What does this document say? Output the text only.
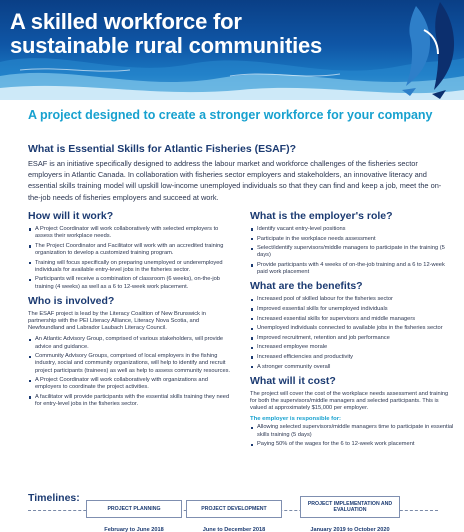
A skilled workforce for sustainable rural communities
A project designed to create a stronger workforce for your company
What is Essential Skills for Atlantic Fisheries (ESAF)?
ESAF is an initiative specifically designed to address the labour market and workforce challenges of the fisheries sector employers in Atlantic Canada. In collaboration with fisheries sector employers and stakeholders, an innovative literacy and essential skills training model will upskill low-income unemployed individuals so that they can find and keep a job, meet the on-the-job needs of fisheries employers and succeed at work.
How will it work?
A Project Coordinator will work collaboratively with selected employers to assess their workplace needs.
The Project Coordinator and Facilitator will work with an accredited training organization to develop a customized training program.
Training will focus specifically on preparing unemployed or underemployed individuals for available entry-level jobs in the fisheries sector.
Participants will receive a combination of classroom (6 weeks), on-the-job training (4 weeks) as well as a 6 to 12-week work placement.
Who is involved?
The ESAF project is lead by the Literacy Coalition of New Brunswick in partnership with the PEI Literacy Alliance, Literacy Nova Scotia, and Newfoundland and Labrador Laubach Literacy Council.
An Atlantic Advisory Group, comprised of various stakeholders, will provide advice and guidance.
Community Advisory Groups, comprised of local employers in the fishing industry, social and community organizations, will help to identify and recruit project participants (trainees) as well as help to assess community resources.
A Project Coordinator will work collaboratively with organizations and employers to coordinate the project activities.
A facilitator will provide participants with the essential skills training they need for entry-level jobs in the fisheries sector.
What is the employer's role?
Identify vacant entry-level positions
Participate in the workplace needs assessment
Select/identify supervisors/middle managers to participate in the training (5 days)
Provide participants with 4 weeks of on-the-job training and a 6 to 12-week paid work placement
What are the benefits?
Increased pool of skilled labour for the fisheries sector
Improved essential skills for unemployed individuals
Increased essential skills for supervisors and middle managers
Unemployed individuals connected to available jobs in the fisheries sector
Improved recruitment, retention and job performance
Increased employee morale
Increased efficiencies and productivity
A stronger community overall
What will it cost?
The project will cover the cost of the workplace needs assessment and training for both the supervisors/middle managers and selected participants. This is valued at approximately $15,000 per employer.
The employer is responsible for:
Allowing selected supervisors/middle managers time to participate in essential skills training (5 days)
Paying 50% of the wages for the 6 to 12-week work placement
Timelines:
PROJECT PLANNING
February to June 2018
PROJECT DEVELOPMENT
June to December 2018
PROJECT IMPLEMENTATION AND EVALUATION
January 2019 to October 2020
